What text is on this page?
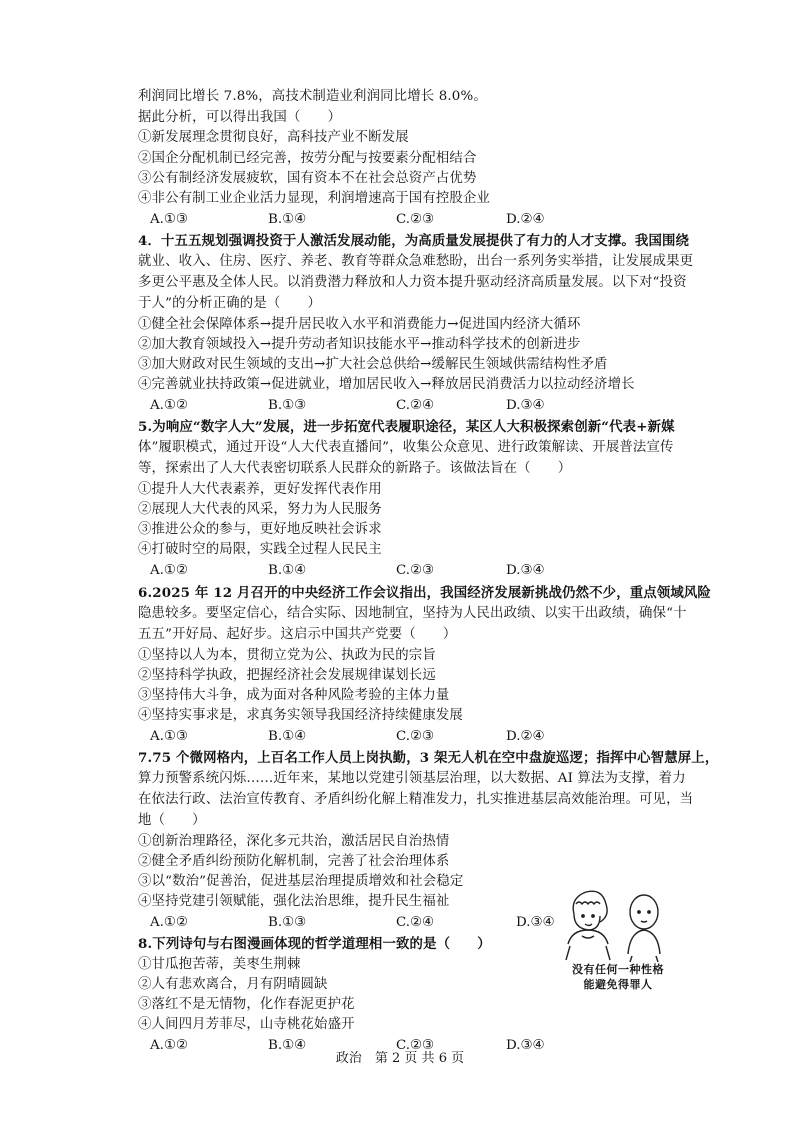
利润同比增长 7.8%，高技术制造业利润同比增长 8.0%。
据此分析，可以得出我国（　　）
①新发展理念贯彻良好，高科技产业不断发展
②国企分配机制已经完善，按劳分配与按要素分配相结合
③公有制经济发展疲软，国有资本不在社会总资产占优势
④非公有制工业企业活力显现，利润增速高于国有控股企业
A.①③	B.①④	C.②③	D.②④
4．十五五规划强调投资于人激活发展动能，为高质量发展提供了有力的人才支撑。我国围绕
就业、收入、住房、医疗、养老、教育等群众急难愁盼，出台一系列务实举措，让发展成果更
多更公平惠及全体人民。以消费潜力释放和人力资本提升驱动经济高质量发展。以下对“投资
于人”的分析正确的是（　　）
①健全社会保障体系→提升居民收入水平和消费能力→促进国内经济大循环
②加大教育领域投入→提升劳动者知识技能水平→推动科学技术的创新进步
③加大财政对民生领域的支出→扩大社会总供给→缓解民生领域供需结构性矛盾
④完善就业扶持政策→促进就业，增加居民收入→释放居民消费活力以拉动经济增长
A.①②	B.①③	C.②④	D.③④
5.为响应“数字人大”发展，进一步拓宽代表履职途径，某区人大积极探索创新“代表+新媒
体”履职模式，通过开设“人大代表直播间”，收集公众意见、进行政策解读、开展普法宣传
等，探索出了人大代表密切联系人民群众的新路子。该做法旨在（　　）
①提升人大代表素养，更好发挥代表作用
②展现人大代表的风采，努力为人民服务
③推进公众的参与，更好地反映社会诉求
④打破时空的局限，实践全过程人民民主
A.①②	B.①④	C.②③	D.③④
6.2025 年 12 月召开的中央经济工作会议指出，我国经济发展新挑战仍然不少，重点领域风险
隐患较多。要坚定信心，结合实际、因地制宜，坚持为人民出政绩、以实干出政绩，确保“十
五五”开好局、起好步。这启示中国共产党要（　　）
①坚持以人为本，贯彻立党为公、执政为民的宗旨
②坚持科学执政，把握经济社会发展规律谋划长远
③坚持伟大斗争，成为面对各种风险考验的主体力量
④坚持实事求是，求真务实领导我国经济持续健康发展
A.①③	B.①④	C.②③	D.②④
7.75 个微网格内，上百名工作人员上岗执勤，3 架无人机在空中盘旋巡逻；指挥中心智慧屏上，
算力预警系统闪烁……近年来，某地以党建引领基层治理，以大数据、AI 算法为支撑，着力
在依法行政、法治宣传教育、矛盾纠纷化解上精准发力，扎实推进基层高效能治理。可见，当
地（　　）
①创新治理路径，深化多元共治，激活居民自治热情
②健全矛盾纠纷预防化解机制，完善了社会治理体系
③以“数治”促善治，促进基层治理提质增效和社会稳定
④坚持党建引领赋能，强化法治思维，提升民生福祉
A.①②	B.①③	C.②④	D.③④
8.下列诗句与右图漫画体现的哲学道理相一致的是（　　）
①甘瓜抱苦蒂，美枣生荆棘
②人有悲欢离合，月有阴晴圆缺
③落红不是无情物，化作春泥更护花
④人间四月芳菲尽，山寺桃花始盛开
A.①②	B.①④	C.②③	D.③④
没有任何一种性格
能避免得罪人
政治　第 2 页 共 6 页
